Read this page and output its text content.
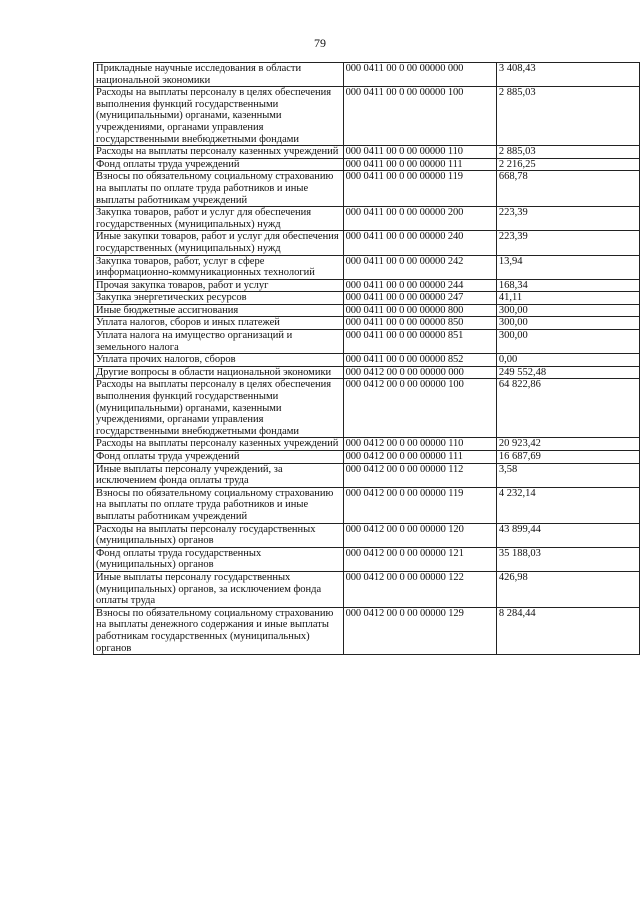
79
Прикладные научные исследования в области национальной экономики	000 0411 00 0 00 00000 000	3 408,43
Расходы на выплаты персоналу в целях обеспечения выполнения функций государственными (муниципальными) органами, казенными учреждениями, органами управления государственными внебюджетными фондами	000 0411 00 0 00 00000 100	2 885,03
Расходы на выплаты персоналу казенных учреждений	000 0411 00 0 00 00000 110	2 885,03
Фонд оплаты труда учреждений	000 0411 00 0 00 00000 111	2 216,25
Взносы по обязательному социальному страхованию на выплаты по оплате труда работников и иные выплаты работникам учреждений	000 0411 00 0 00 00000 119	668,78
Закупка товаров, работ и услуг для обеспечения государственных (муниципальных) нужд	000 0411 00 0 00 00000 200	223,39
Иные закупки товаров, работ и услуг для обеспечения государственных (муниципальных) нужд	000 0411 00 0 00 00000 240	223,39
Закупка товаров, работ, услуг в сфере информационно-коммуникационных технологий	000 0411 00 0 00 00000 242	13,94
Прочая закупка товаров, работ и услуг	000 0411 00 0 00 00000 244	168,34
Закупка энергетических ресурсов	000 0411 00 0 00 00000 247	41,11
Иные бюджетные ассигнования	000 0411 00 0 00 00000 800	300,00
Уплата налогов, сборов и иных платежей	000 0411 00 0 00 00000 850	300,00
Уплата налога на имущество организаций и земельного налога	000 0411 00 0 00 00000 851	300,00
Уплата прочих налогов, сборов	000 0411 00 0 00 00000 852	0,00
Другие вопросы в области национальной экономики	000 0412 00 0 00 00000 000	249 552,48
Расходы на выплаты персоналу в целях обеспечения выполнения функций государственными (муниципальными) органами, казенными учреждениями, органами управления государственными внебюджетными фондами	000 0412 00 0 00 00000 100	64 822,86
Расходы на выплаты персоналу казенных учреждений	000 0412 00 0 00 00000 110	20 923,42
Фонд оплаты труда учреждений	000 0412 00 0 00 00000 111	16 687,69
Иные выплаты персоналу учреждений, за исключением фонда оплаты труда	000 0412 00 0 00 00000 112	3,58
Взносы по обязательному социальному страхованию на выплаты по оплате труда работников и иные выплаты работникам учреждений	000 0412 00 0 00 00000 119	4 232,14
Расходы на выплаты персоналу государственных (муниципальных) органов	000 0412 00 0 00 00000 120	43 899,44
Фонд оплаты труда государственных (муниципальных) органов	000 0412 00 0 00 00000 121	35 188,03
Иные выплаты персоналу государственных (муниципальных) органов, за исключением фонда оплаты труда	000 0412 00 0 00 00000 122	426,98
Взносы по обязательному социальному страхованию на выплаты денежного содержания и иные выплаты работникам государственных (муниципальных) органов	000 0412 00 0 00 00000 129	8 284,44
